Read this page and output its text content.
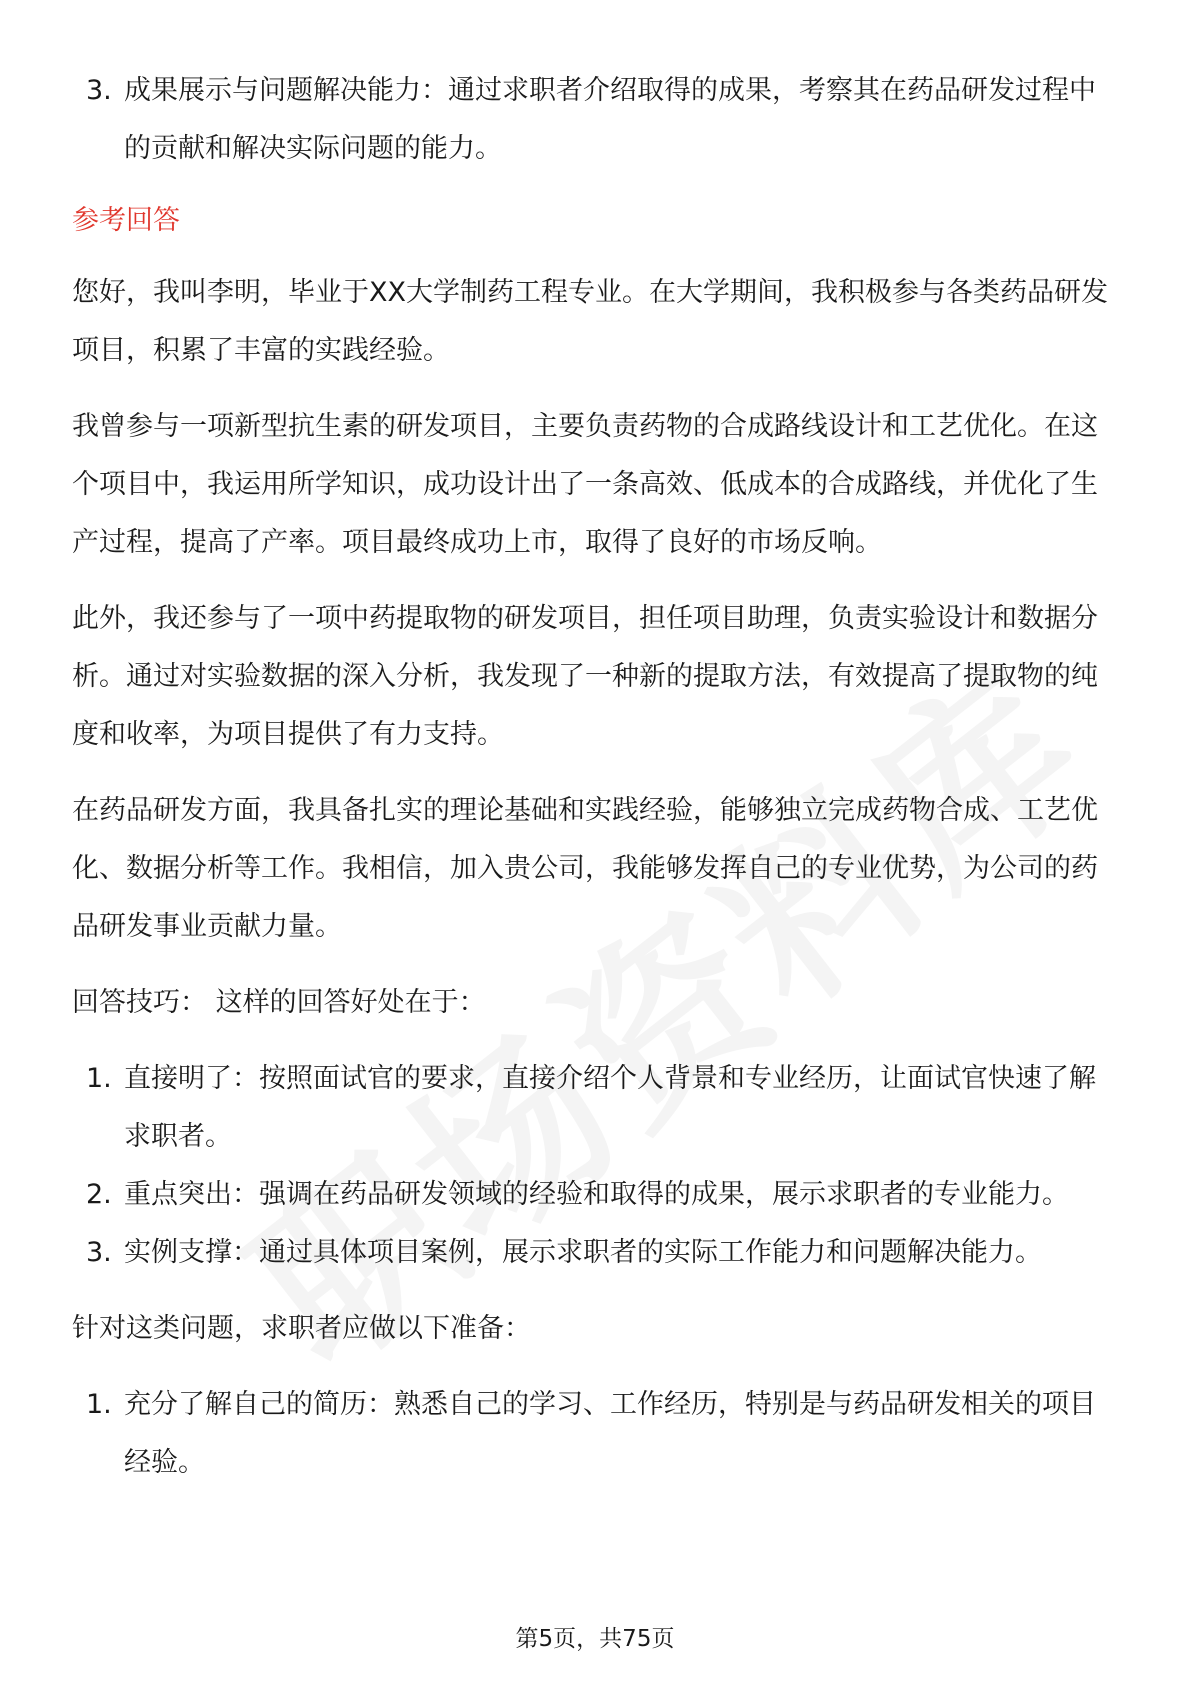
3. 成果展示与问题解决能力：通过求职者介绍取得的成果，考察其在药品研发过程中的贡献和解决实际问题的能力。

参考回答

您好，我叫李明，毕业于XX大学制药工程专业。在大学期间，我积极参与各类药品研发项目，积累了丰富的实践经验。

我曾参与一项新型抗生素的研发项目，主要负责药物的合成路线设计和工艺优化。在这个项目中，我运用所学知识，成功设计出了一条高效、低成本的合成路线，并优化了生产过程，提高了产率。项目最终成功上市，取得了良好的市场反响。

此外，我还参与了一项中药提取物的研发项目，担任项目助理，负责实验设计和数据分析。通过对实验数据的深入分析，我发现了一种新的提取方法，有效提高了提取物的纯度和收率，为项目提供了有力支持。

在药品研发方面，我具备扎实的理论基础和实践经验，能够独立完成药物合成、工艺优化、数据分析等工作。我相信，加入贵公司，我能够发挥自己的专业优势，为公司的药品研发事业贡献力量。

回答技巧： 这样的回答好处在于：

1. 直接明了：按照面试官的要求，直接介绍个人背景和专业经历，让面试官快速了解求职者。
2. 重点突出：强调在药品研发领域的经验和取得的成果，展示求职者的专业能力。
3. 实例支撑：通过具体项目案例，展示求职者的实际工作能力和问题解决能力。

针对这类问题，求职者应做以下准备：

1. 充分了解自己的简历：熟悉自己的学习、工作经历，特别是与药品研发相关的项目经验。
第5页，共75页
